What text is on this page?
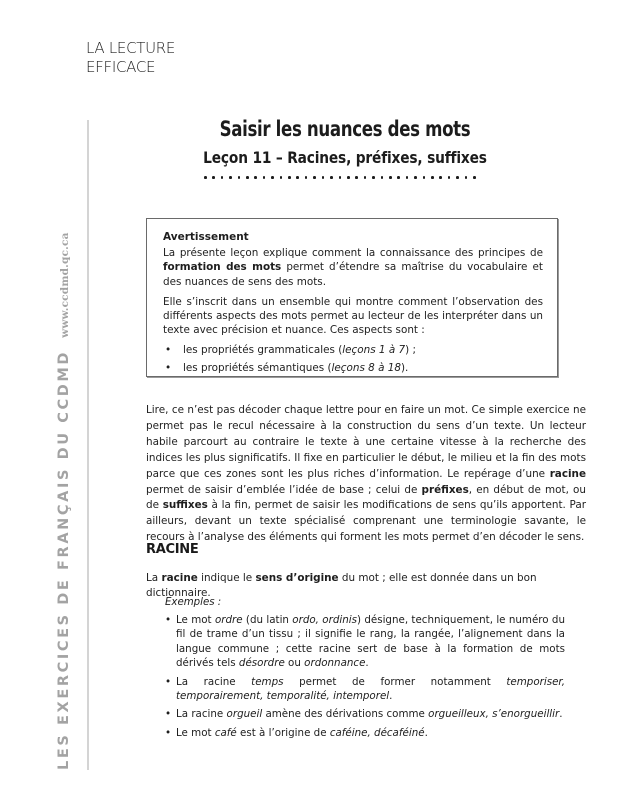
LA LECTURE
EFFICACE
LES EXERCICES DE FRANÇAIS DU CCDMD
www.ccdmd.qc.ca
Saisir les nuances des mots
Leçon 11 – Racines, préfixes, suffixes
Avertissement

La présente leçon explique comment la connaissance des principes de formation des mots permet d’étendre sa maîtrise du vocabulaire et des nuances de sens des mots.

Elle s’inscrit dans un ensemble qui montre comment l’observation des différents aspects des mots permet au lecteur de les interpréter dans un texte avec précision et nuance. Ces aspects sont :

• les propriétés grammaticales (leçons 1 à 7) ;
• les propriétés sémantiques (leçons 8 à 18).
Lire, ce n’est pas décoder chaque lettre pour en faire un mot. Ce simple exercice ne permet pas le recul nécessaire à la construction du sens d’un texte. Un lecteur habile parcourt au contraire le texte à une certaine vitesse à la recherche des indices les plus significatifs. Il fixe en particulier le début, le milieu et la fin des mots parce que ces zones sont les plus riches d’information. Le repérage d’une racine permet de saisir d’emblée l’idée de base ; celui de préfixes, en début de mot, ou de suffixes à la fin, permet de saisir les modifications de sens qu’ils apportent. Par ailleurs, devant un texte spécialisé comprenant une terminologie savante, le recours à l’analyse des éléments qui forment les mots permet d’en décoder le sens.
RACINE
La racine indique le sens d’origine du mot ; elle est donnée dans un bon dictionnaire.
Exemples :
• Le mot ordre (du latin ordo, ordinis) désigne, techniquement, le numéro du fil de trame d’un tissu ; il signifie le rang, la rangée, l’alignement dans la langue commune ; cette racine sert de base à la formation de mots dérivés tels désordre ou ordonnance.
• La racine temps permet de former notamment temporiser, temporairement, temporalité, intemporel.
• La racine orgueil amène des dérivations comme orgueilleux, s’enorgueillir.
• Le mot café est à l’origine de caféine, décaféiné.
